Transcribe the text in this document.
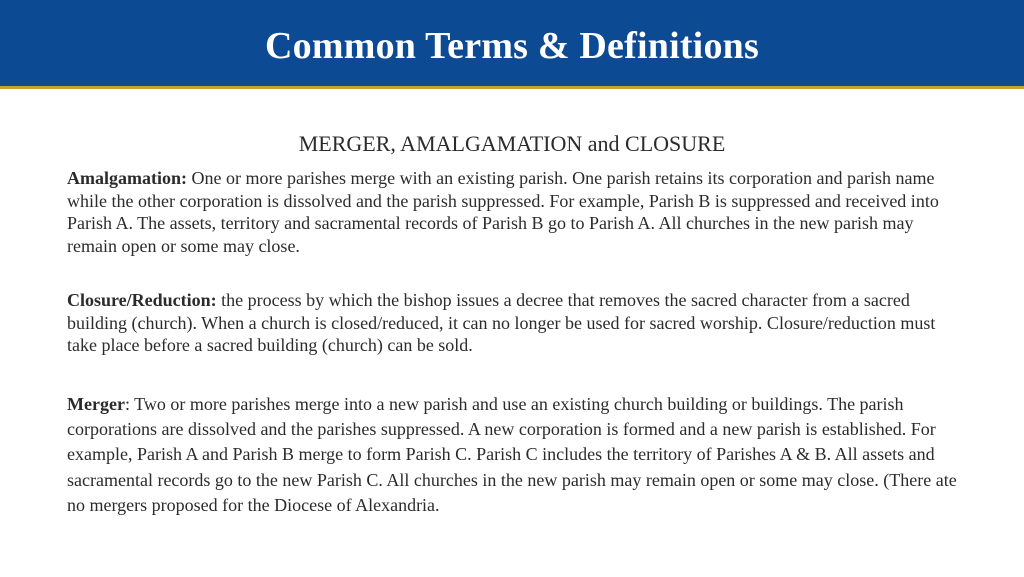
Common Terms & Definitions
MERGER, AMALGAMATION and CLOSURE

Amalgamation: One or more parishes merge with an existing parish. One parish retains its corporation and parish name while the other corporation is dissolved and the parish suppressed. For example, Parish B is suppressed and received into Parish A. The assets, territory and sacramental records of Parish B go to Parish A. All churches in the new parish may remain open or some may close.

Closure/Reduction: the process by which the bishop issues a decree that removes the sacred character from a sacred building (church). When a church is closed/reduced, it can no longer be used for sacred worship. Closure/reduction must take place before a sacred building (church) can be sold.

Merger: Two or more parishes merge into a new parish and use an existing church building or buildings. The parish corporations are dissolved and the parishes suppressed. A new corporation is formed and a new parish is established. For example, Parish A and Parish B merge to form Parish C. Parish C includes the territory of Parishes A & B. All assets and sacramental records go to the new Parish C. All churches in the new parish may remain open or some may close. (There ate no mergers proposed for the Diocese of Alexandria.
